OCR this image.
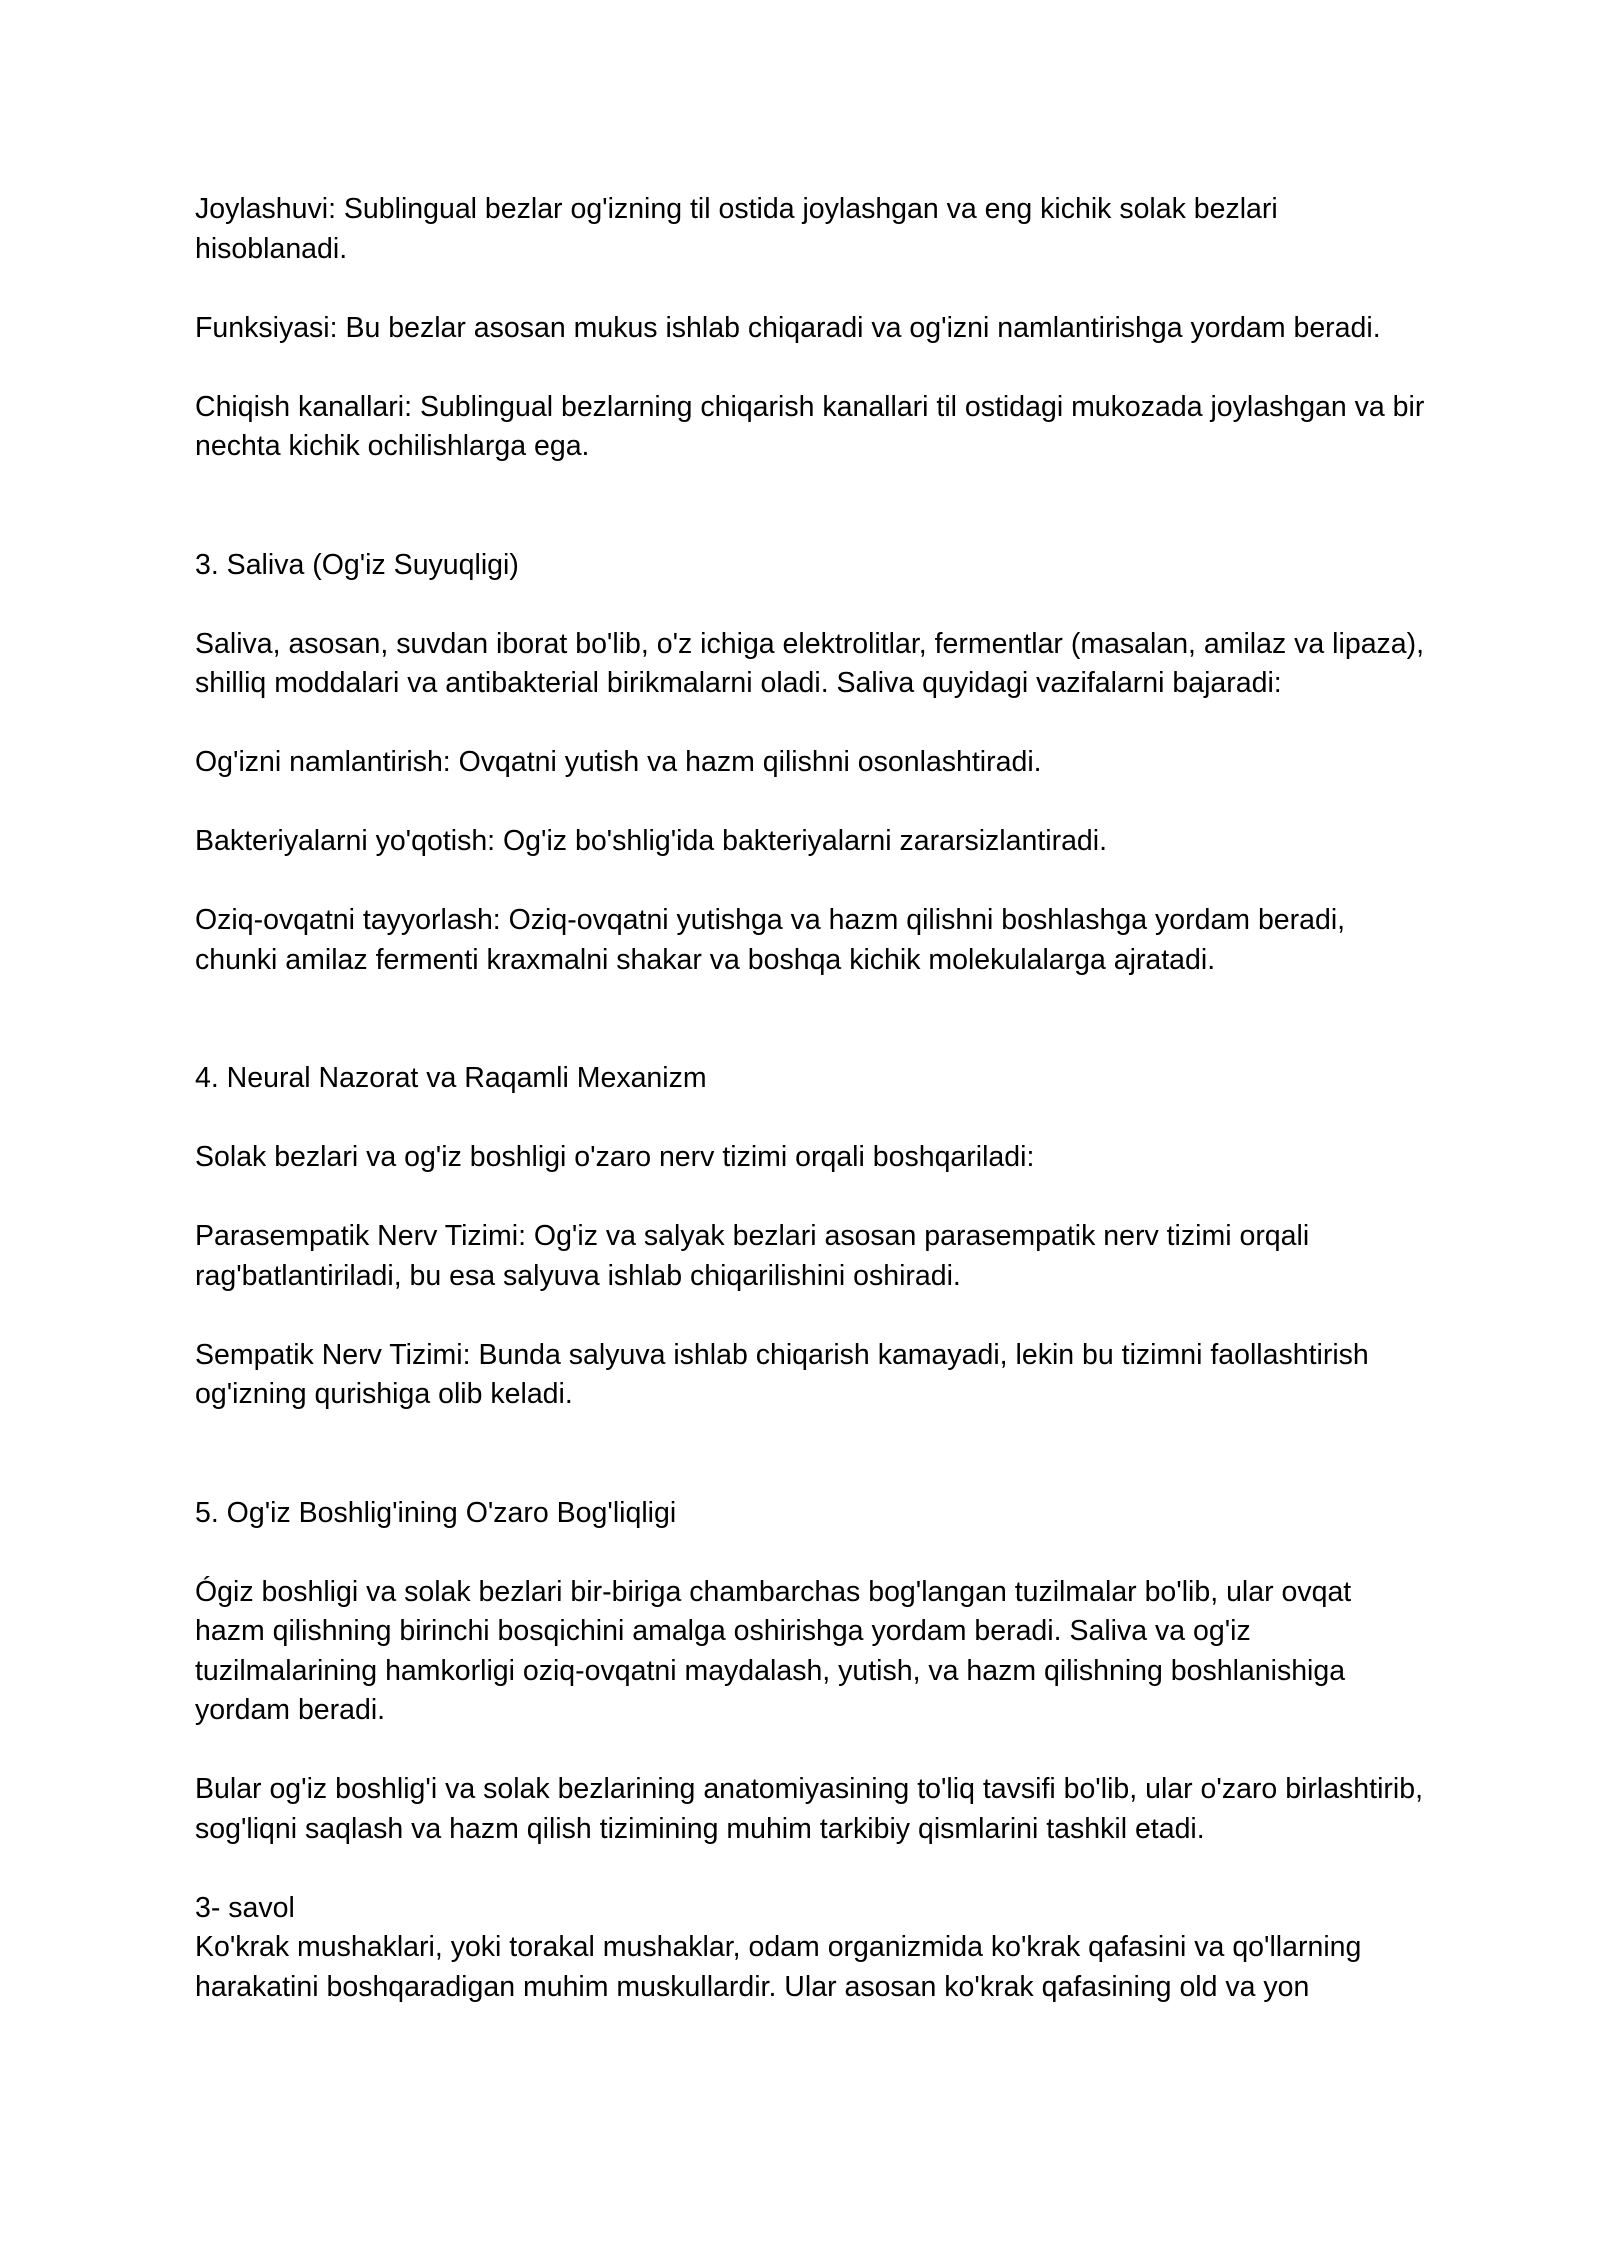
Joylashuvi: Sublingual bezlar og'izning til ostida joylashgan va eng kichik solak bezlari hisoblanadi.

Funksiyasi: Bu bezlar asosan mukus ishlab chiqaradi va og'izni namlantirishga yordam beradi.

Chiqish kanallari: Sublingual bezlarning chiqarish kanallari til ostidagi mukozada joylashgan va bir nechta kichik ochilishlarga ega.

3. Saliva (Og'iz Suyuqligi)

Saliva, asosan, suvdan iborat bo'lib, o'z ichiga elektrolitlar, fermentlar (masalan, amilaz va lipaza), shilliq moddalari va antibakterial birikmalarni oladi. Saliva quyidagi vazifalarni bajaradi:

Og'izni namlantirish: Ovqatni yutish va hazm qilishni osonlashtiradi.

Bakteriyalarni yo'qotish: Og'iz bo'shlig'ida bakteriyalarni zararsizlantiradi.

Oziq-ovqatni tayyorlash: Oziq-ovqatni yutishga va hazm qilishni boshlashga yordam beradi, chunki amilaz fermenti kraxmalni shakar va boshqa kichik molekulalarga ajratadi.

4. Neural Nazorat va Raqamli Mexanizm

Solak bezlari va og'iz boshligi o'zaro nerv tizimi orqali boshqariladi:

Parasempatik Nerv Tizimi: Og'iz va salyak bezlari asosan parasempatik nerv tizimi orqali rag'batlantiriladi, bu esa salyuva ishlab chiqarilishini oshiradi.

Sempatik Nerv Tizimi: Bunda salyuva ishlab chiqarish kamayadi, lekin bu tizimni faollashtirish og'izning qurishiga olib keladi.

5. Og'iz Boshlig'ining O'zaro Bog'liqligi

Ógiz boshligi va solak bezlari bir-biriga chambarchas bog'langan tuzilmalar bo'lib, ular ovqat hazm qilishning birinchi bosqichini amalga oshirishga yordam beradi. Saliva va og'iz tuzilmalarining hamkorligi oziq-ovqatni maydalash, yutish, va hazm qilishning boshlanishiga yordam beradi.

Bular og'iz boshlig'i va solak bezlarining anatomiyasining to'liq tavsifi bo'lib, ular o'zaro birlashtirib, sog'liqni saqlash va hazm qilish tizimining muhim tarkibiy qismlarini tashkil etadi.

3- savol

Ko'krak mushaklari, yoki torakal mushaklar, odam organizmida ko'krak qafasini va qo'llarning harakatini boshqaradigan muhim muskullardir. Ular asosan ko'krak qafasining old va yon
